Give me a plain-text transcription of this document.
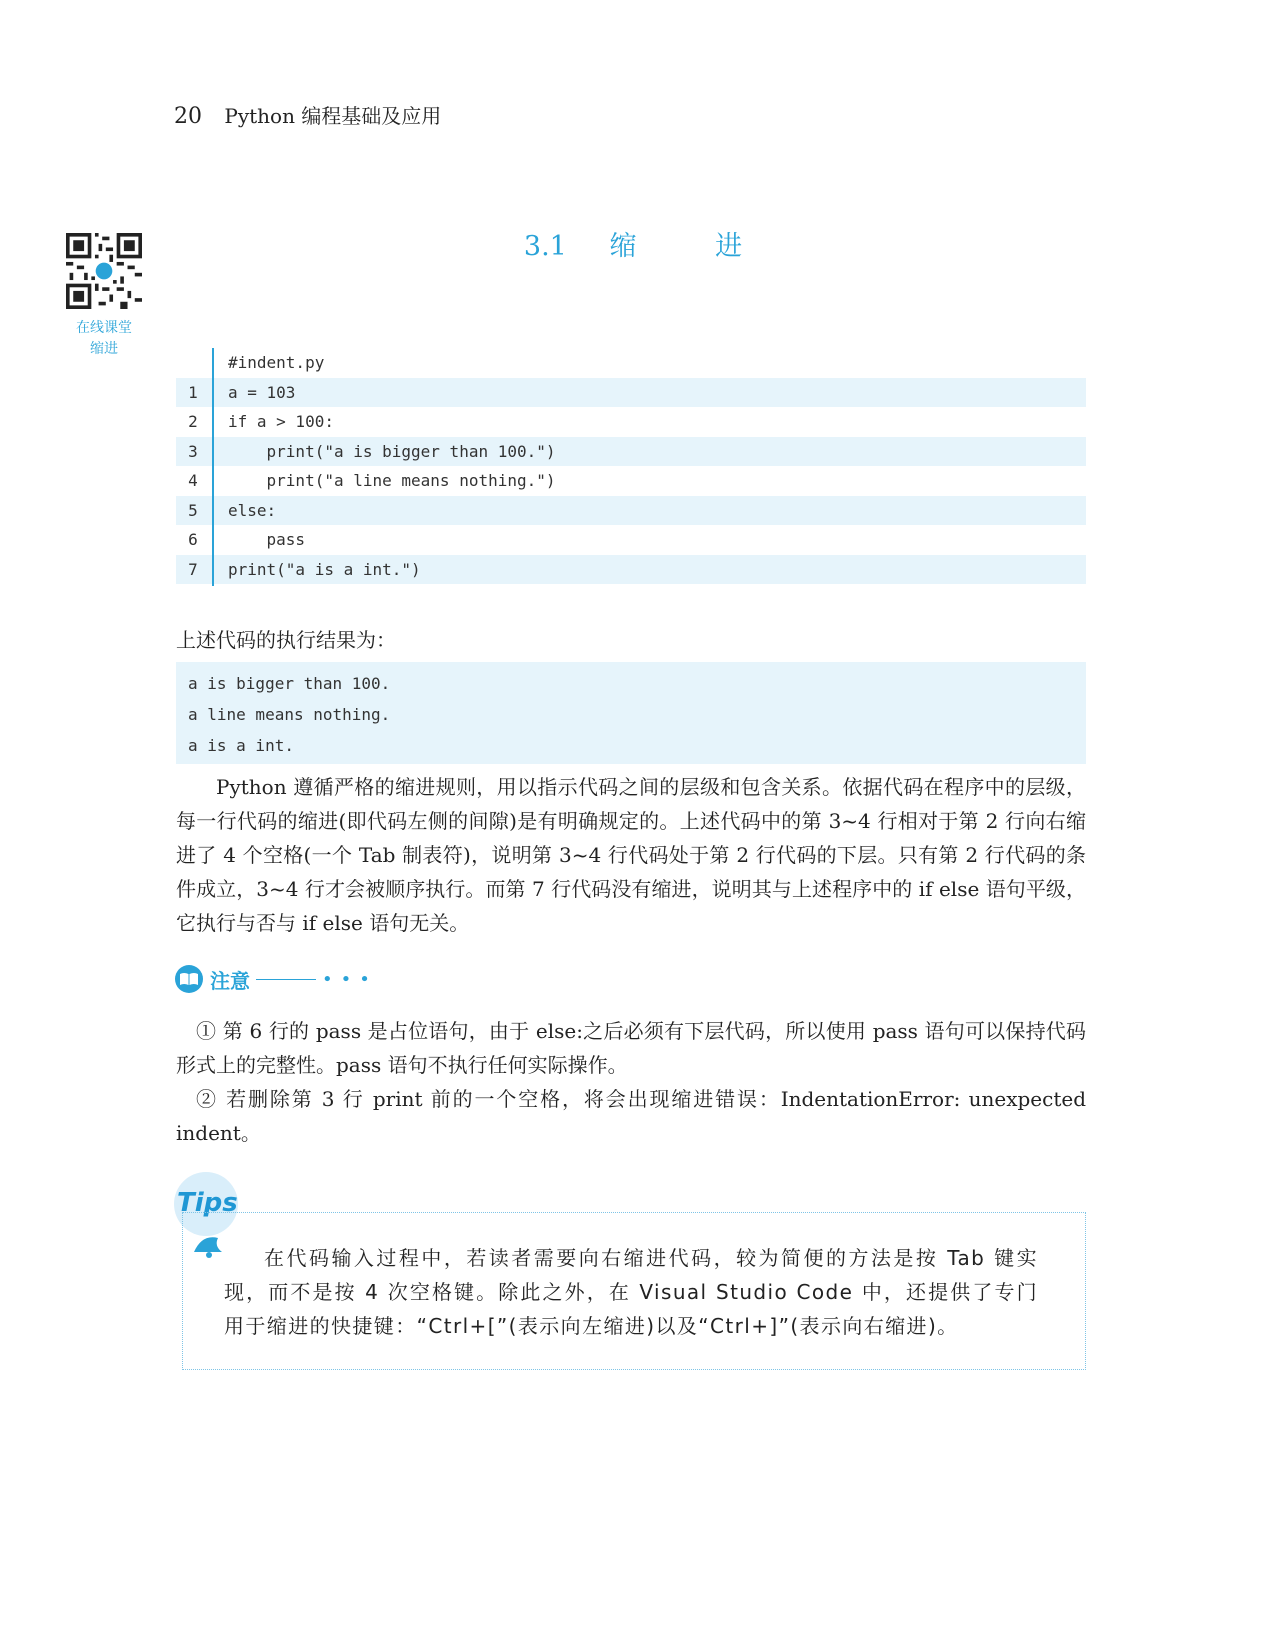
20 Python 编程基础及应用
3.1 缩	进
在线课堂
缩进
#indent.py
1	a = 103
2	if a > 100:
3	print("a is bigger than 100.")
4	print("a line means nothing.")
5	else:
6	pass
7	print("a is a int.")
上述代码的执行结果为：
a is bigger than 100.
a line means nothing.
a is a int.

Python 遵循严格的缩进规则，用以指示代码之间的层级和包含关系。依据代码在程序中的层级，每一行代码的缩进(即代码左侧的间隙)是有明确规定的。上述代码中的第 3~4 行相对于第 2 行向右缩进了 4 个空格(一个 Tab 制表符)，说明第 3~4 行代码处于第 2 行代码的下层。只有第 2 行代码的条件成立，3~4 行才会被顺序执行。而第 7 行代码没有缩进，说明其与上述程序中的 if else 语句平级，它执行与否与 if else 语句无关。

注意	•••

① 第 6 行的 pass 是占位语句，由于 else:之后必须有下层代码，所以使用 pass 语句可以保持代码形式上的完整性。pass 语句不执行任何实际操作。

② 若删除第 3 行 print 前的一个空格，将会出现缩进错误：IndentationError: unexpected indent。

Tips

在代码输入过程中，若读者需要向右缩进代码，较为简便的方法是按 Tab 键实现，而不是按 4 次空格键。除此之外，在 Visual Studio Code 中，还提供了专门用于缩进的快捷键：“Ctrl+[”(表示向左缩进)以及“Ctrl+]”(表示向右缩进)。
